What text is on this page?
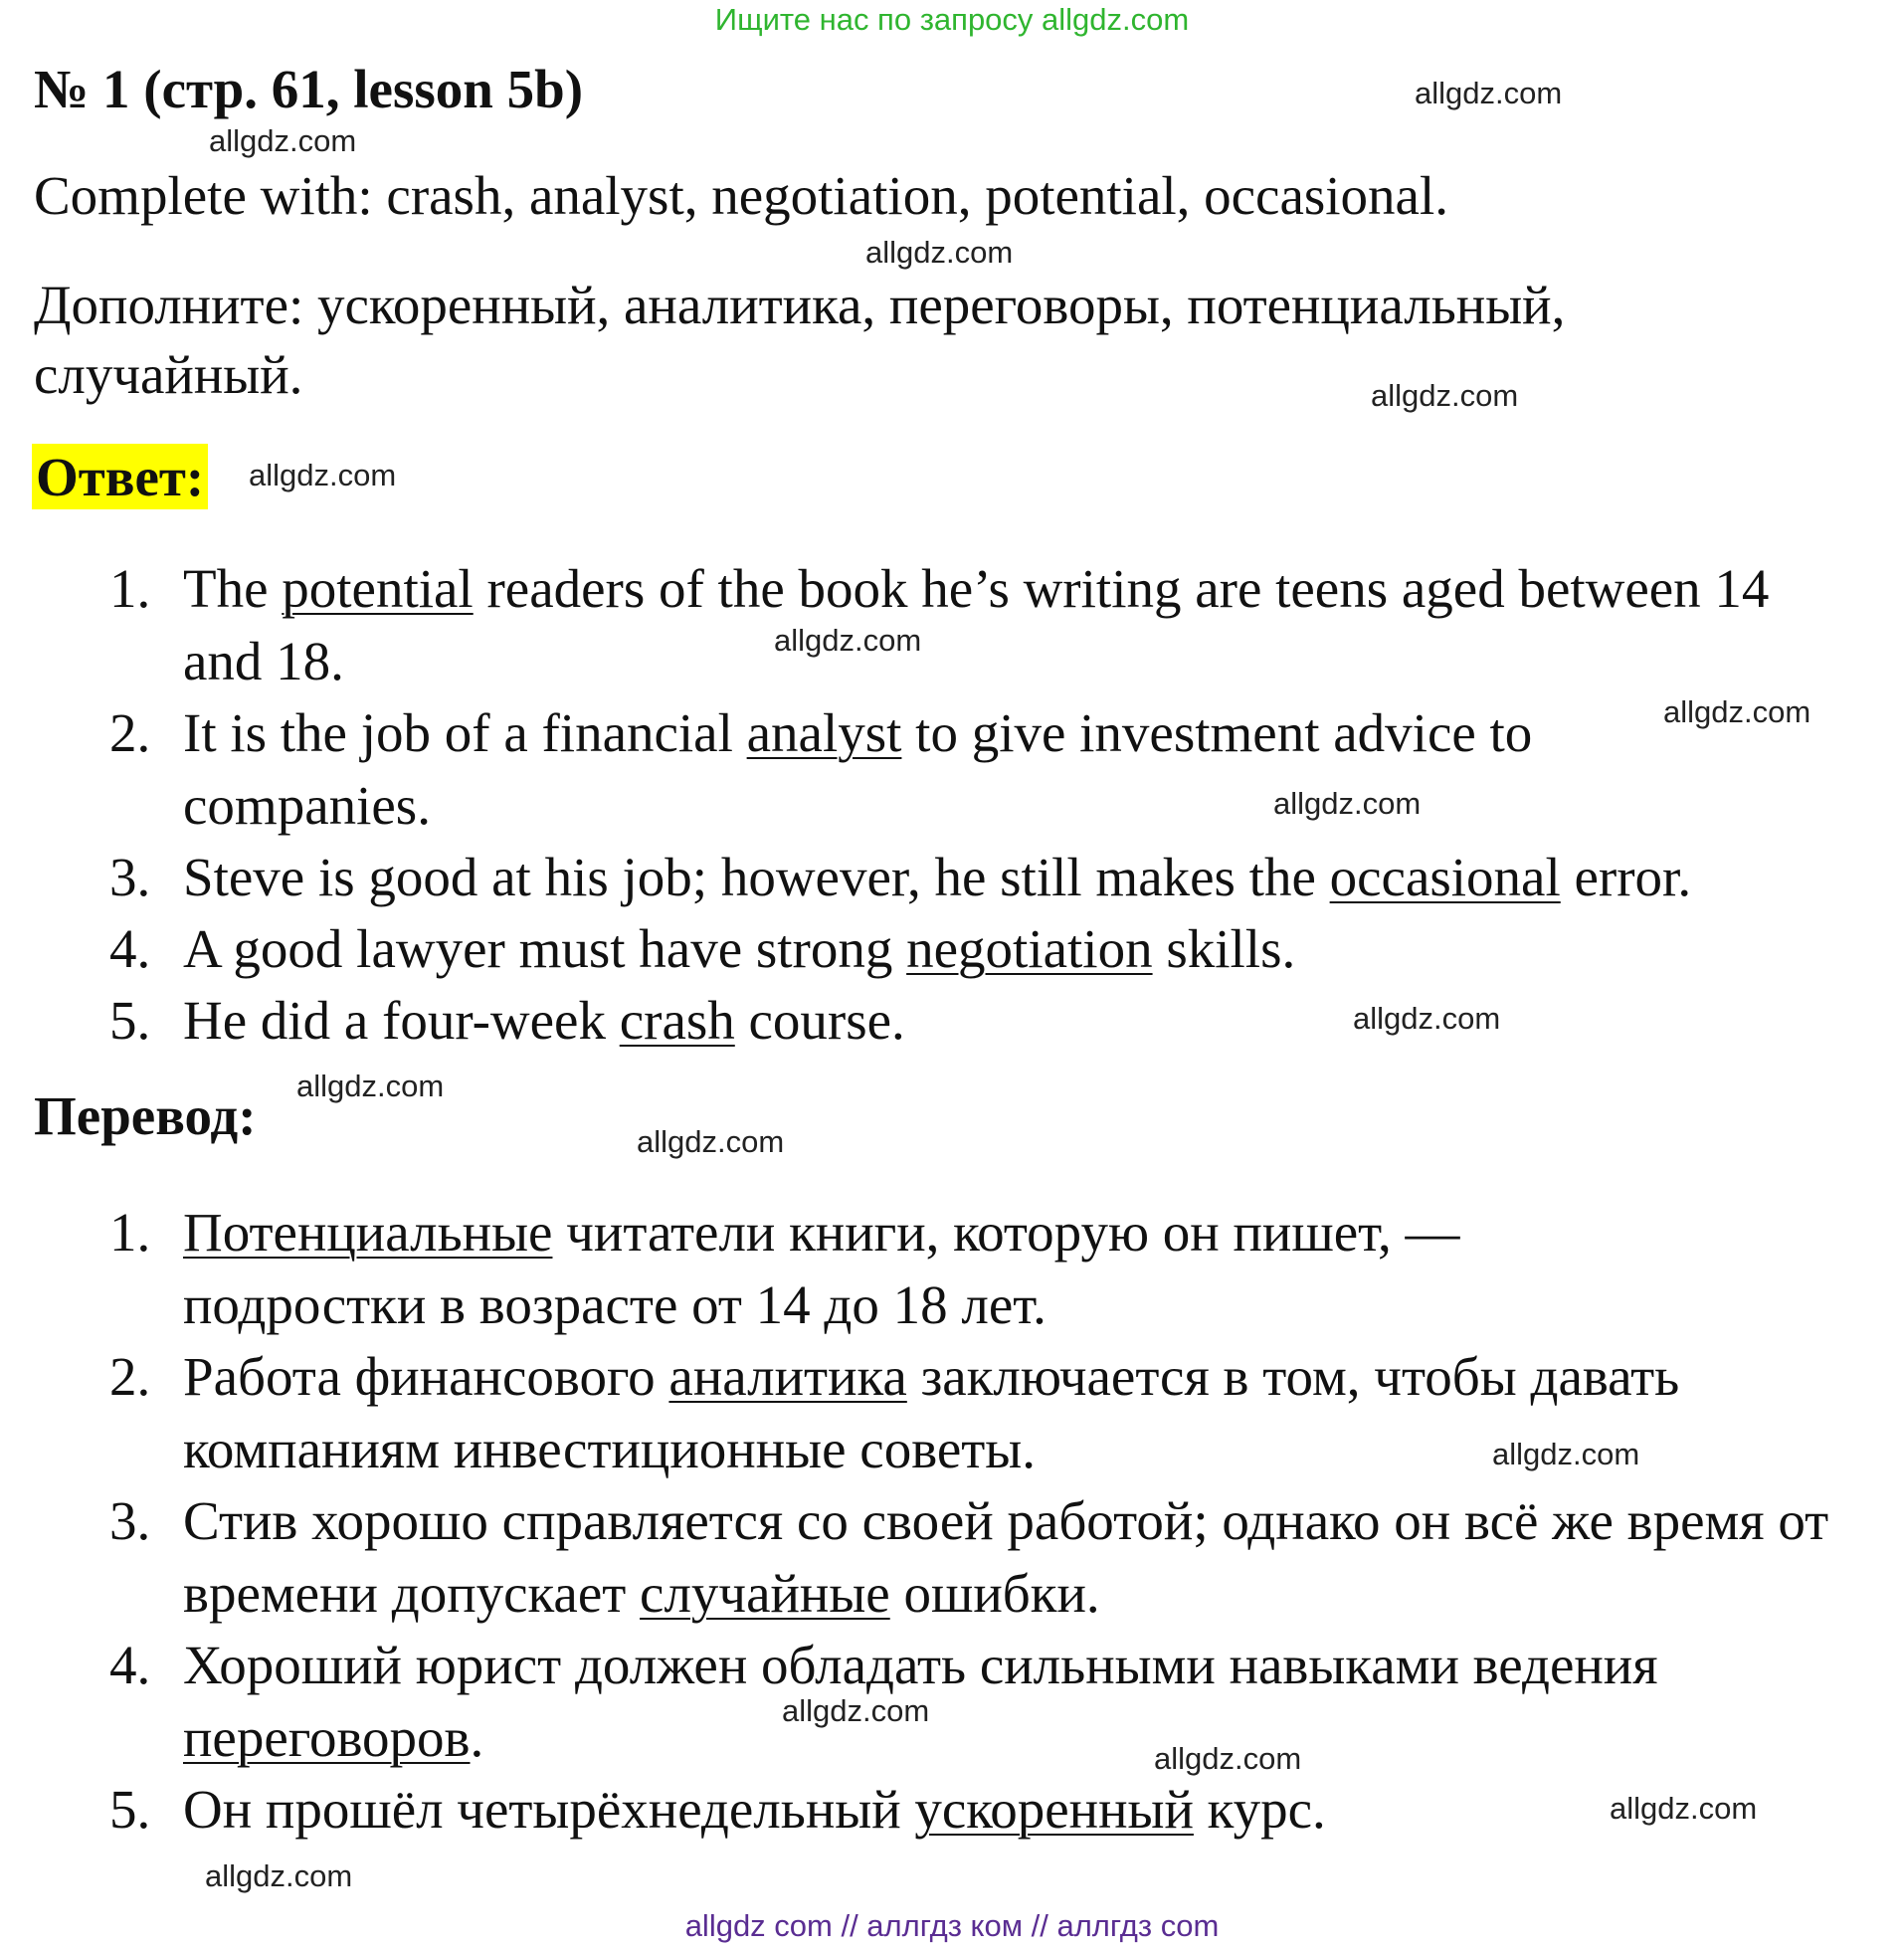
Ищите нас по запросу allgdz.com
№ 1 (стр. 61, lesson 5b)
Complete with: crash, analyst, negotiation, potential, occasional.
Дополните: ускоренный, аналитика, переговоры, потенциальный, случайный.
Ответ:
1. The potential readers of the book he’s writing are teens aged between 14 and 18.
2. It is the job of a financial analyst to give investment advice to companies.
3. Steve is good at his job; however, he still makes the occasional error.
4. A good lawyer must have strong negotiation skills.
5. He did a four-week crash course.
Перевод:
1. Потенциальные читатели книги, которую он пишет, — подростки в возрасте от 14 до 18 лет.
2. Работа финансового аналитика заключается в том, чтобы давать компаниям инвестиционные советы.
3. Стив хорошо справляется со своей работой; однако он всё же время от времени допускает случайные ошибки.
4. Хороший юрист должен обладать сильными навыками ведения переговоров.
5. Он прошёл четырёхнедельный ускоренный курс.
allgdz.com
allgdz.com
allgdz.com
allgdz.com
allgdz.com
allgdz.com
allgdz.com
allgdz.com
allgdz.com
allgdz.com
allgdz.com
allgdz.com
allgdz.com
allgdz.com
allgdz.com
allgdz.com
allgdz com // аллгдз ком // аллгдз com
